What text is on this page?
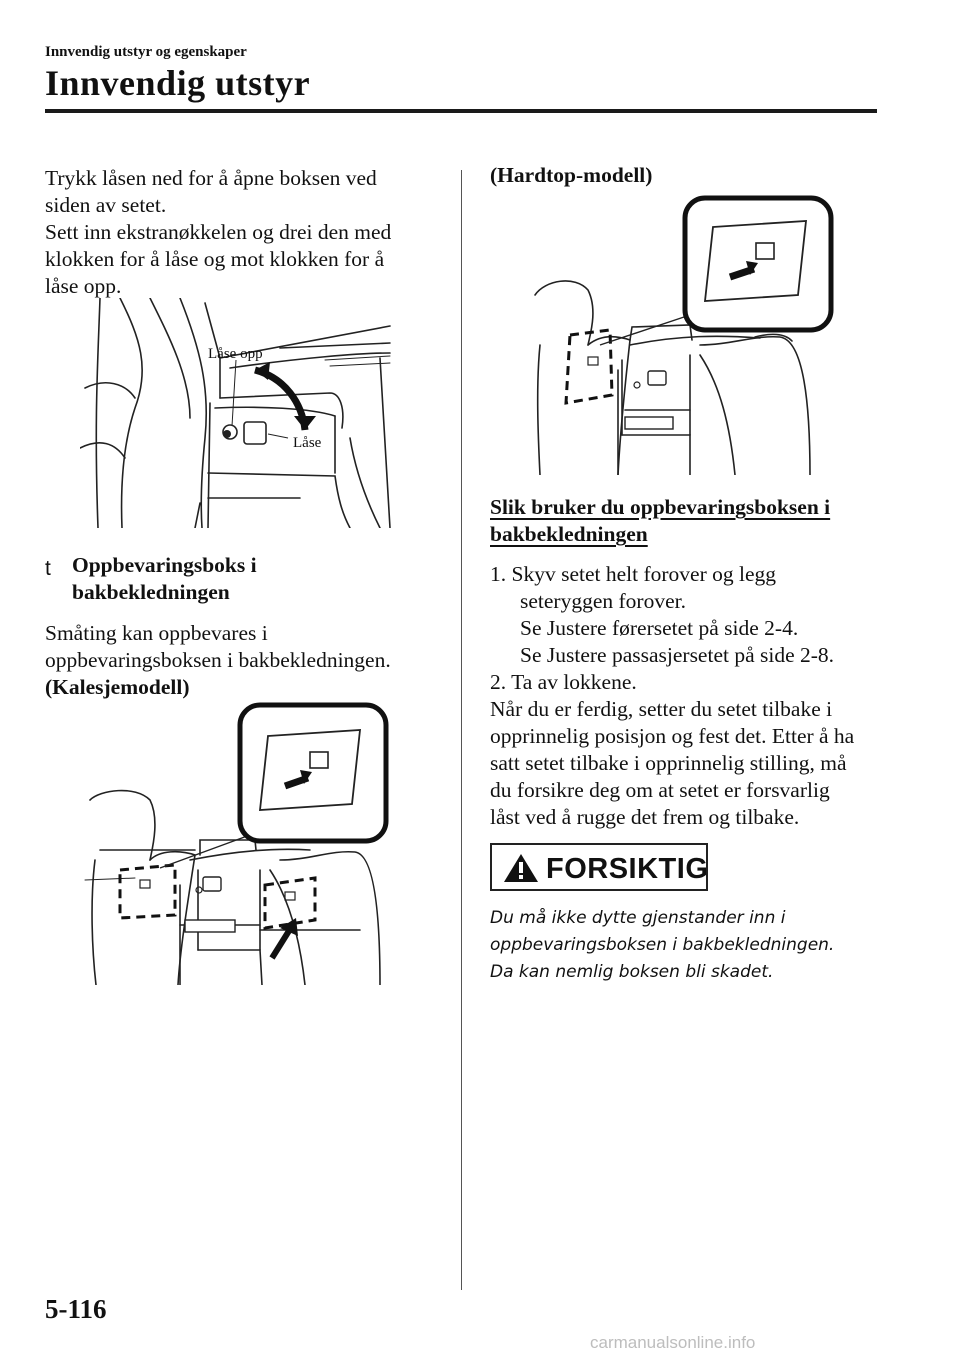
Innvendig utstyr og egenskaper
Innvendig utstyr
Trykk låsen ned for å åpne boksen ved
siden av setet.
Sett inn ekstranøkkelen og drei den med
klokken for å låse og mot klokken for å
låse opp.
Låse opp
Låse
t Oppbevaringsboks i
bakbekledningen
Småting kan oppbevares i
oppbevaringsboksen i bakbekledningen.
(Kalesjemodell)
(Hardtop-modell)
Slik bruker du oppbevaringsboksen i
bakbekledningen

1. Skyv setet helt forover og legg

seteryggen forover.

Se Justere førersetet på side 2-4.

Se Justere passasjersetet på side 2-8.

2. Ta av lokkene.

Når du er ferdig, setter du setet tilbake i
opprinnelig posisjon og fest det. Etter å ha
satt setet tilbake i opprinnelig stilling, må
du forsikre deg om at setet er forsvarlig
låst ved å rugge det frem og tilbake.
FORSIKTIG
Du må ikke dytte gjenstander inn i
oppbevaringsboksen i bakbekledningen.
Da kan nemlig boksen bli skadet.
5-116
carmanualsonline.info
